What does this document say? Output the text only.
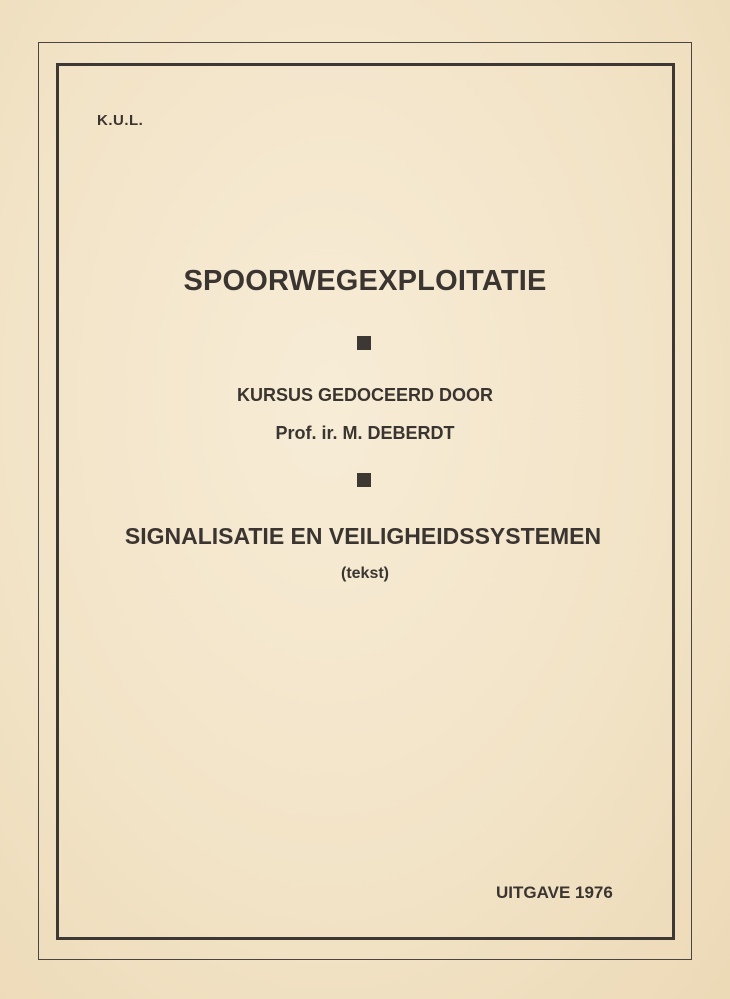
K.U.L.
SPOORWEGEXPLOITATIE
KURSUS GEDOCEERD DOOR
Prof. ir. M. DEBERDT
SIGNALISATIE EN VEILIGHEIDSSYSTEMEN
(tekst)
UITGAVE 1976
